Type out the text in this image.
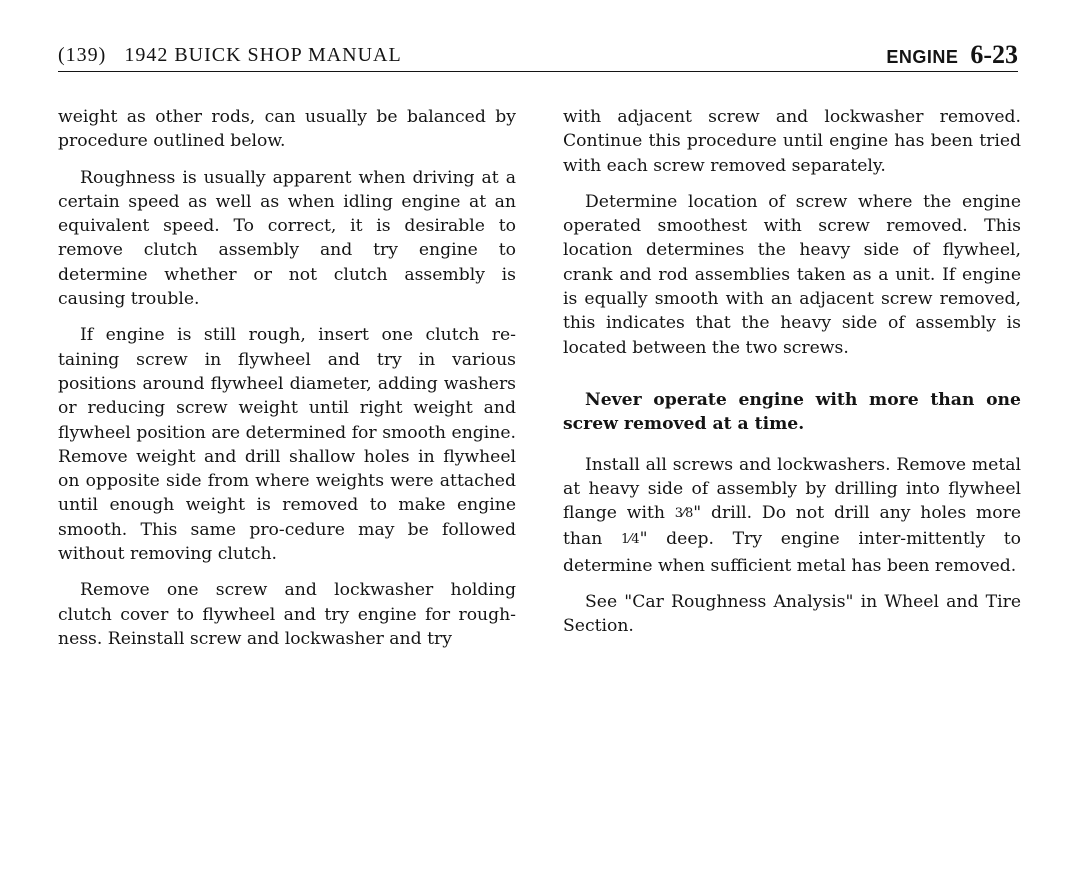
(139) 1942 BUICK SHOP MANUAL	ENGINE 6-23

weight as other rods, can usually be balanced by procedure outlined below.

Roughness is usually apparent when driving at a certain speed as well as when idling engine at an equivalent speed. To correct, it is desirable to remove clutch assembly and try engine to determine whether or not clutch assembly is causing trouble.

If engine is still rough, insert one clutch re-taining screw in flywheel and try in various positions around flywheel diameter, adding washers or reducing screw weight until right weight and flywheel position are determined for smooth engine. Remove weight and drill shallow holes in flywheel on opposite side from where weights were attached until enough weight is removed to make engine smooth. This same pro-cedure may be followed without removing clutch.

Remove one screw and lockwasher holding clutch cover to flywheel and try engine for rough-ness. Reinstall screw and lockwasher and try

with adjacent screw and lockwasher removed. Continue this procedure until engine has been tried with each screw removed separately.

Determine location of screw where the engine operated smoothest with screw removed. This location determines the heavy side of flywheel, crank and rod assemblies taken as a unit. If engine is equally smooth with an adjacent screw removed, this indicates that the heavy side of assembly is located between the two screws.

Never operate engine with more than one screw removed at a time.

Install all screws and lockwashers. Remove metal at heavy side of assembly by drilling into flywheel flange with 3⁄8" drill. Do not drill any holes more than 1⁄4" deep. Try engine inter-mittently to determine when sufficient metal has been removed.

See "Car Roughness Analysis" in Wheel and Tire Section.
